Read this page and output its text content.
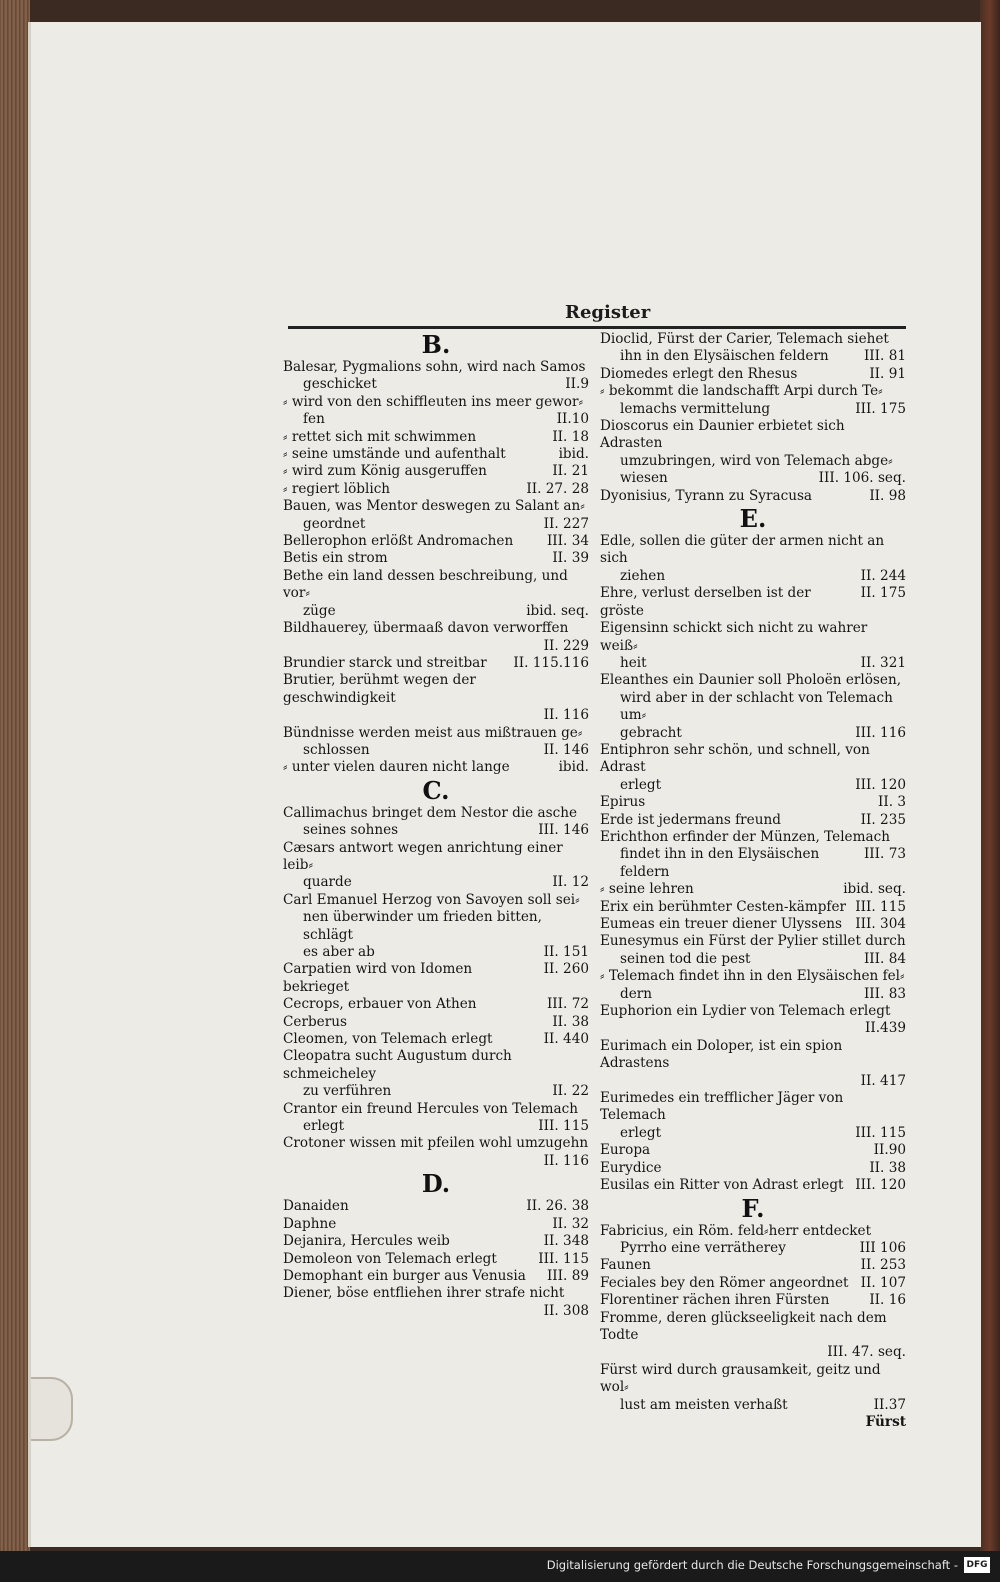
Register
B.
Balesar, Pygmalions sohn, wird nach Samos
geschicket	II.9
⸗ wird von den schiffleuten ins meer gewor⸗
fen	II.10
⸗ rettet sich mit schwimmen	II. 18
⸗ seine umstände und aufenthalt	ibid.
⸗ wird zum König ausgeruffen	II. 21
⸗ regiert löblich	II. 27. 28
Bauen, was Mentor deswegen zu Salant an⸗
geordnet	II. 227
Bellerophon erlößt Andromachen	III. 34
Betis ein strom	II. 39
Bethe ein land dessen beschreibung, und vor⸗
züge	ibid. seq.
Bildhauerey, übermaaß davon verworffen
II. 229
Brundier starck und streitbar	II. 115.116
Brutier, berühmt wegen der geschwindigkeit
II. 116
Bündnisse werden meist aus mißtrauen ge⸗
schlossen	II. 146
⸗ unter vielen dauren nicht lange	ibid.
C.
Callimachus bringet dem Nestor die asche
seines sohnes	III. 146
Cæsars antwort wegen anrichtung einer leib⸗
quarde	II. 12
Carl Emanuel Herzog von Savoyen soll sei⸗
nen überwinder um frieden bitten, schlägt
es aber ab	II. 151
Carpatien wird von Idomen bekrieget
II. 260
Cecrops, erbauer von Athen	III. 72
Cerberus	II. 38
Cleomen, von Telemach erlegt	II. 440
Cleopatra sucht Augustum durch schmeicheley
zu verführen	II. 22
Crantor ein freund Hercules von Telemach
erlegt	III. 115
Crotoner wissen mit pfeilen wohl umzugehn
II. 116
D.
Danaiden	II. 26. 38
Daphne	II. 32
Dejanira, Hercules weib	II. 348
Demoleon von Telemach erlegt	III. 115
Demophant ein burger aus Venusia	III. 89
Diener, böse entfliehen ihrer strafe nicht
II. 308
Dioclid, Fürst der Carier, Telemach siehet
ihn in den Elysäischen feldern	III. 81
Diomedes erlegt den Rhesus	II. 91
⸗ bekommt die landschafft Arpi durch Te⸗
lemachs vermittelung	III. 175
Dioscorus ein Daunier erbietet sich Adrasten
umzubringen, wird von Telemach abge⸗
wiesen	III. 106. seq.
Dyonisius, Tyrann zu Syracusa	II. 98
E.
Edle, sollen die güter der armen nicht an sich
ziehen	II. 244
Ehre, verlust derselben ist der gröste
II. 175
Eigensinn schickt sich nicht zu wahrer weiß⸗
heit	II. 321
Eleanthes ein Daunier soll Pholoën erlösen,
wird aber in der schlacht von Telemach um⸗
gebracht	III. 116
Entiphron sehr schön, und schnell, von Adrast
erlegt	III. 120
Epirus	II. 3
Erde ist jedermans freund	II. 235
Erichthon erfinder der Münzen, Telemach
findet ihn in den Elysäischen feldern
III. 73
⸗ seine lehren	ibid. seq.
Erix ein berühmter Cesten-kämpfer III. 115
Eumeas ein treuer diener Ulyssens III. 304
Eunesymus ein Fürst der Pylier stillet durch
seinen tod die pest	III. 84
⸗ Telemach findet ihn in den Elysäischen fel⸗
dern	III. 83
Euphorion ein Lydier von Telemach erlegt
II.439
Eurimach ein Doloper, ist ein spion Adrastens
II. 417
Eurimedes ein trefflicher Jäger von Telemach
erlegt	III. 115
Europa	II.90
Eurydice	II. 38
Eusilas ein Ritter von Adrast erlegt III. 120
F.
Fabricius, ein Röm. feld⸗herr entdecket
Pyrrho eine verrätherey	III 106
Faunen	II. 253
Feciales bey den Römer angeordnet II. 107
Florentiner rächen ihren Fürsten	II. 16
Fromme, deren glückseeligkeit nach dem Todte
III. 47. seq.
Fürst wird durch grausamkeit, geitz und wol⸗
lust am meisten verhaßt	II.37
Fürst
Digitalisierung gefördert durch die Deutsche Forschungsgemeinschaft - DFG
